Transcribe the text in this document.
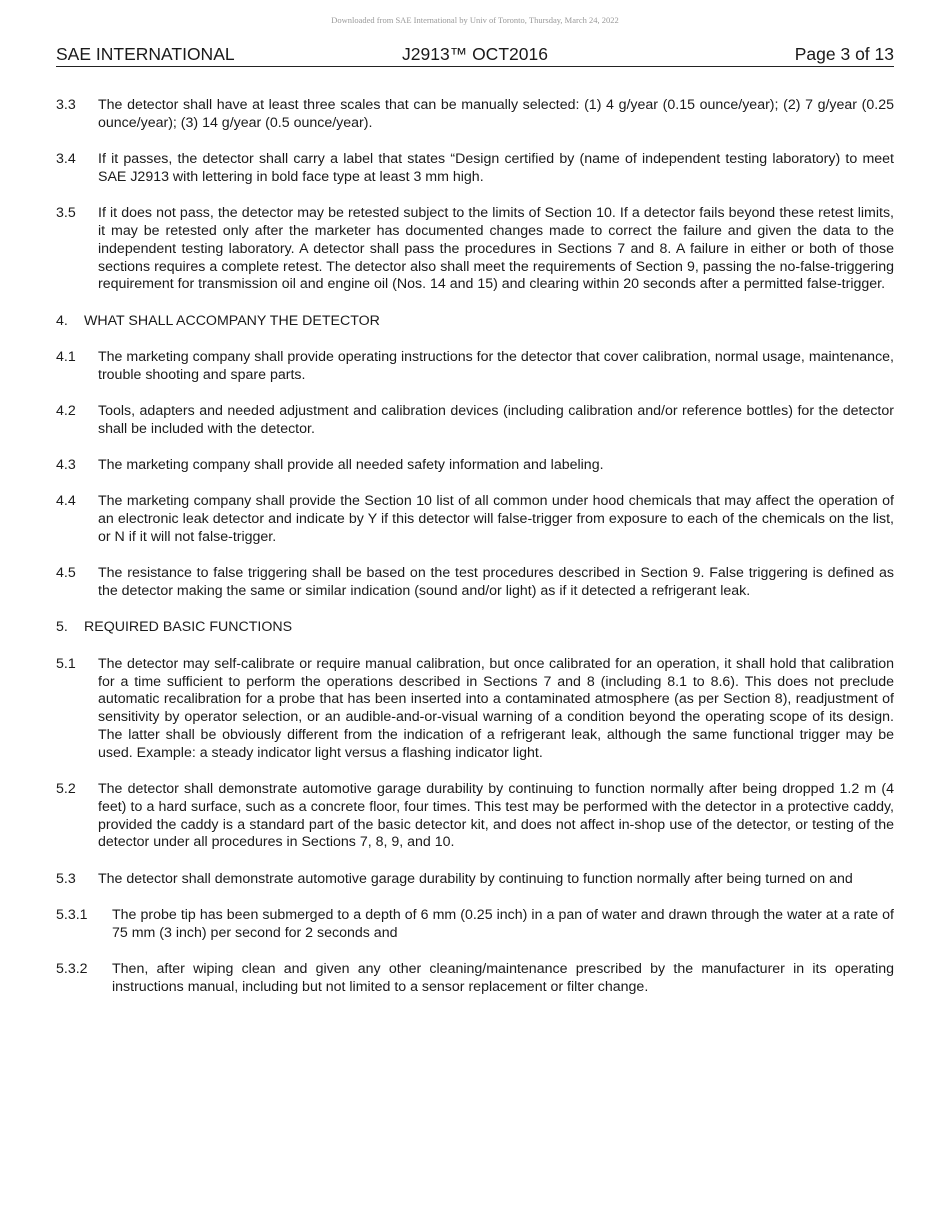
Downloaded from SAE International by Univ of Toronto, Thursday, March 24, 2022
SAE INTERNATIONAL	J2913™ OCT2016	Page 3 of 13
3.3 The detector shall have at least three scales that can be manually selected: (1) 4 g/year (0.15 ounce/year); (2) 7 g/year (0.25 ounce/year); (3) 14 g/year (0.5 ounce/year).
3.4 If it passes, the detector shall carry a label that states “Design certified by (name of independent testing laboratory) to meet SAE J2913 with lettering in bold face type at least 3 mm high.
3.5 If it does not pass, the detector may be retested subject to the limits of Section 10. If a detector fails beyond these retest limits, it may be retested only after the marketer has documented changes made to correct the failure and given the data to the independent testing laboratory. A detector shall pass the procedures in Sections 7 and 8. A failure in either or both of those sections requires a complete retest. The detector also shall meet the requirements of Section 9, passing the no-false-triggering requirement for transmission oil and engine oil (Nos. 14 and 15) and clearing within 20 seconds after a permitted false-trigger.
4. WHAT SHALL ACCOMPANY THE DETECTOR
4.1 The marketing company shall provide operating instructions for the detector that cover calibration, normal usage, maintenance, trouble shooting and spare parts.
4.2 Tools, adapters and needed adjustment and calibration devices (including calibration and/or reference bottles) for the detector shall be included with the detector.
4.3 The marketing company shall provide all needed safety information and labeling.
4.4 The marketing company shall provide the Section 10 list of all common under hood chemicals that may affect the operation of an electronic leak detector and indicate by Y if this detector will false-trigger from exposure to each of the chemicals on the list, or N if it will not false-trigger.
4.5 The resistance to false triggering shall be based on the test procedures described in Section 9. False triggering is defined as the detector making the same or similar indication (sound and/or light) as if it detected a refrigerant leak.
5. REQUIRED BASIC FUNCTIONS
5.1 The detector may self-calibrate or require manual calibration, but once calibrated for an operation, it shall hold that calibration for a time sufficient to perform the operations described in Sections 7 and 8 (including 8.1 to 8.6). This does not preclude automatic recalibration for a probe that has been inserted into a contaminated atmosphere (as per Section 8), readjustment of sensitivity by operator selection, or an audible-and-or-visual warning of a condition beyond the operating scope of its design. The latter shall be obviously different from the indication of a refrigerant leak, although the same functional trigger may be used. Example: a steady indicator light versus a flashing indicator light.
5.2 The detector shall demonstrate automotive garage durability by continuing to function normally after being dropped 1.2 m (4 feet) to a hard surface, such as a concrete floor, four times. This test may be performed with the detector in a protective caddy, provided the caddy is a standard part of the basic detector kit, and does not affect in-shop use of the detector, or testing of the detector under all procedures in Sections 7, 8, 9, and 10.
5.3 The detector shall demonstrate automotive garage durability by continuing to function normally after being turned on and
5.3.1 The probe tip has been submerged to a depth of 6 mm (0.25 inch) in a pan of water and drawn through the water at a rate of 75 mm (3 inch) per second for 2 seconds and
5.3.2 Then, after wiping clean and given any other cleaning/maintenance prescribed by the manufacturer in its operating instructions manual, including but not limited to a sensor replacement or filter change.
